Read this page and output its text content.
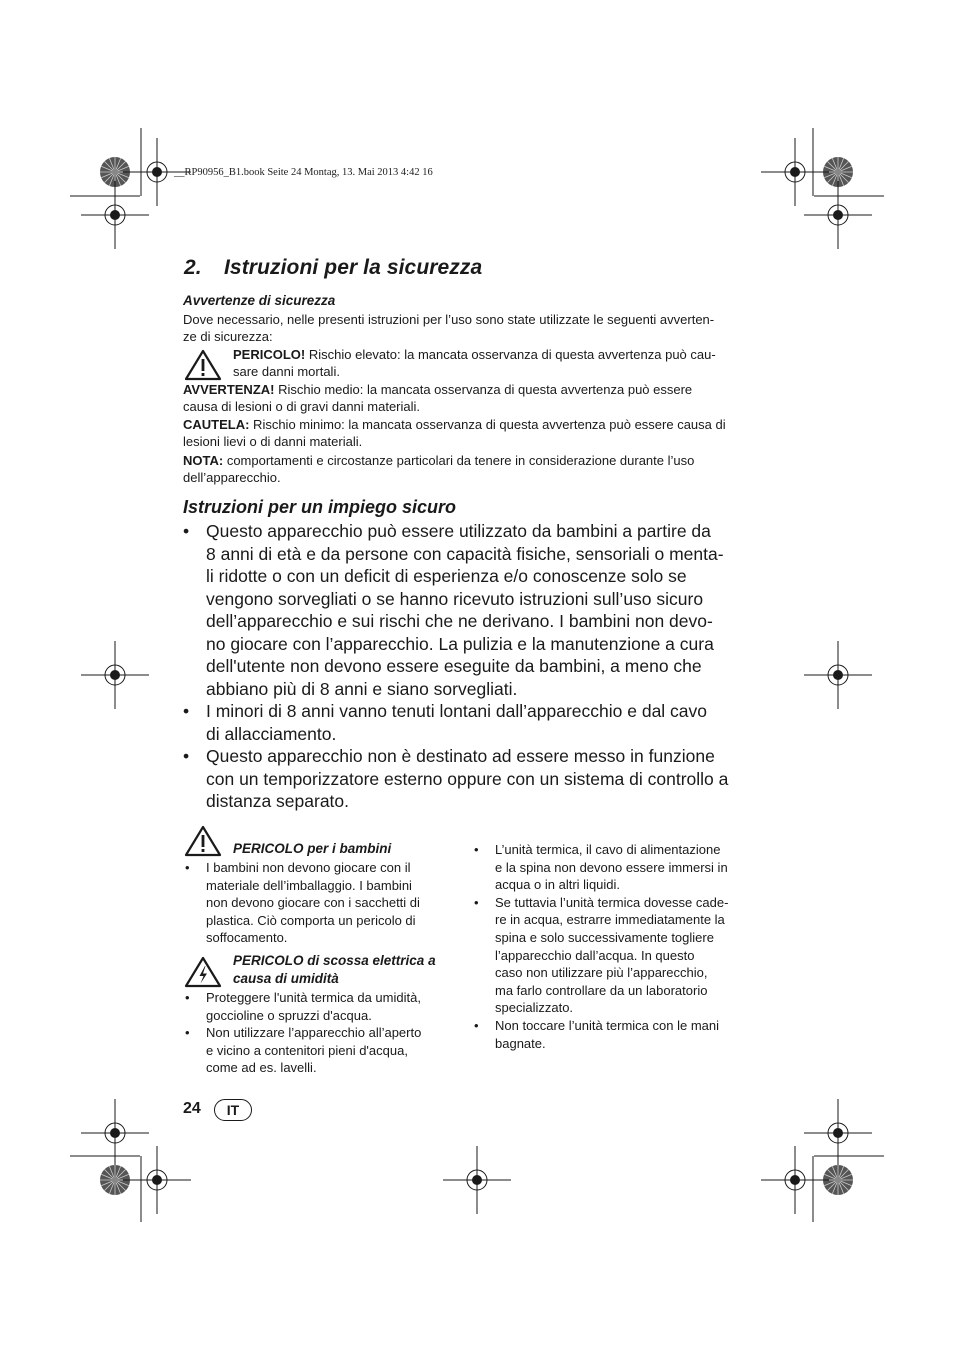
__RP90956_B1.book Seite 24 Montag, 13. Mai 2013 4:42 16
2. Istruzioni per la sicurezza
Avvertenze di sicurezza
Dove necessario, nelle presenti istruzioni per l’uso sono state utilizzate le seguenti avverten-
ze di sicurezza:
PERICOLO! Rischio elevato: la mancata osservanza di questa avvertenza può cau-
sare danni mortali.
AVVERTENZA! Rischio medio: la mancata osservanza di questa avvertenza può essere
causa di lesioni o di gravi danni materiali.
CAUTELA: Rischio minimo: la mancata osservanza di questa avvertenza può essere causa di
lesioni lievi o di danni materiali.
NOTA: comportamenti e circostanze particolari da tenere in considerazione durante l’uso
dell’apparecchio.
Istruzioni per un impiego sicuro
• Questo apparecchio può essere utilizzato da bambini a partire da
8 anni di età e da persone con capacità fisiche, sensoriali o menta-
li ridotte o con un deficit di esperienza e/o conoscenze solo se
vengono sorvegliati o se hanno ricevuto istruzioni sull’uso sicuro
dell’apparecchio e sui rischi che ne derivano. I bambini non devo-
no giocare con l’apparecchio. La pulizia e la manutenzione a cura
dell'utente non devono essere eseguite da bambini, a meno che
abbiano più di 8 anni e siano sorvegliati.
• I minori di 8 anni vanno tenuti lontani dall’apparecchio e dal cavo
di allacciamento.
• Questo apparecchio non è destinato ad essere messo in funzione
con un temporizzatore esterno oppure con un sistema di controllo a
distanza separato.
PERICOLO per i bambini
• I bambini non devono giocare con il
materiale dell’imballaggio. I bambini
non devono giocare con i sacchetti di
plastica. Ciò comporta un pericolo di
soffocamento.
PERICOLO di scossa elettrica a
causa di umidità
• Proteggere l'unità termica da umidità,
goccioline o spruzzi d'acqua.
• Non utilizzare l’apparecchio all’aperto
e vicino a contenitori pieni d'acqua,
come ad es. lavelli.
• L’unità termica, il cavo di alimentazione
e la spina non devono essere immersi in
acqua o in altri liquidi.
• Se tuttavia l’unità termica dovesse cade-
re in acqua, estrarre immediatamente la
spina e solo successivamente togliere
l’apparecchio dall’acqua. In questo
caso non utilizzare più l’apparecchio,
ma farlo controllare da un laboratorio
specializzato.
• Non toccare l’unità termica con le mani
bagnate.
24	IT
